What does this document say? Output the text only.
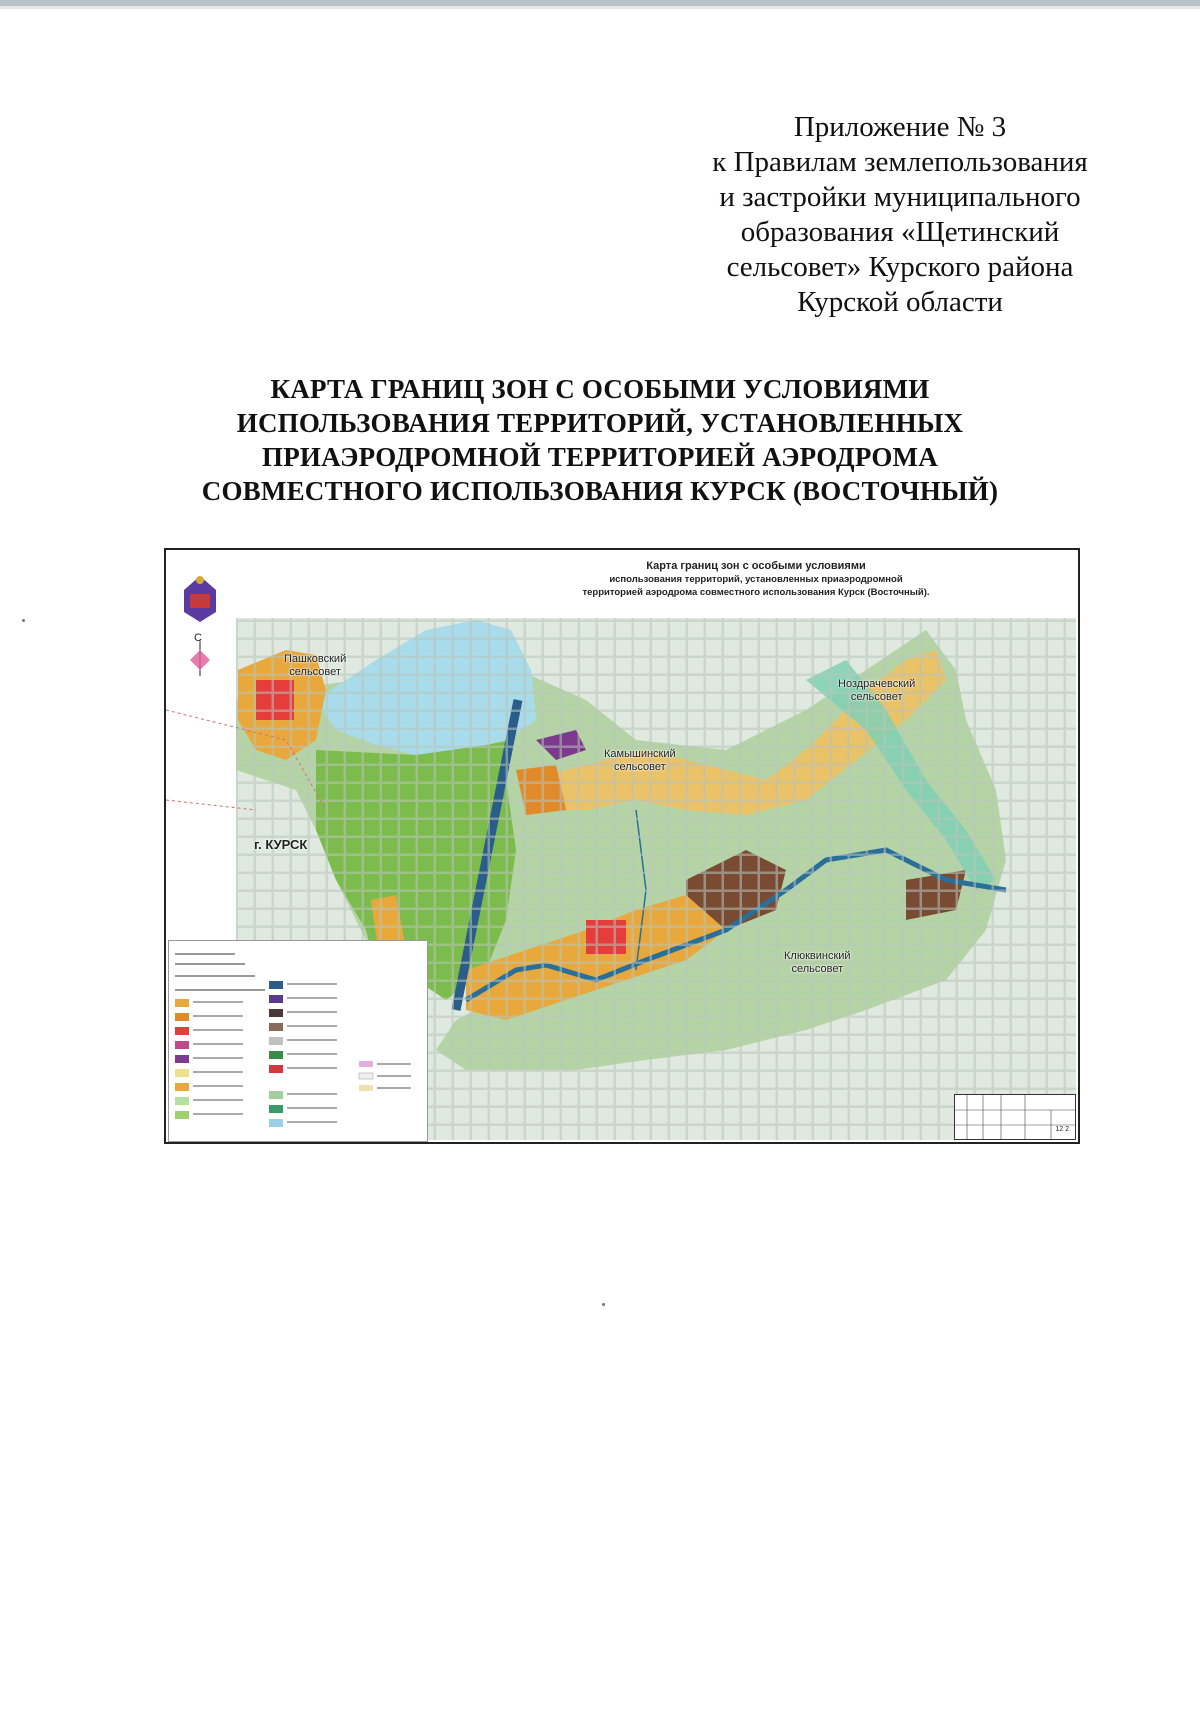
Приложение № 3
к Правилам землепользования
и застройки муниципального
образования «Щетинский
сельсовет» Курского района
Курской области
КАРТА ГРАНИЦ ЗОН С ОСОБЫМИ УСЛОВИЯМИ
ИСПОЛЬЗОВАНИЯ ТЕРРИТОРИЙ, УСТАНОВЛЕННЫХ
ПРИАЭРОДРОМНОЙ ТЕРРИТОРИЕЙ АЭРОДРОМА
СОВМЕСТНОГО ИСПОЛЬЗОВАНИЯ КУРСК (ВОСТОЧНЫЙ)
Карта границ зон с особыми условиями
использования территорий, установленных приаэродромной
территорией аэродрома совместного использования Курск (Восточный).
С
Пашковский
сельсовет
г. КУРСК
Камышинский
сельсовет
Ноздрачевский
сельсовет
Клюквинский
сельсовет
12 2
